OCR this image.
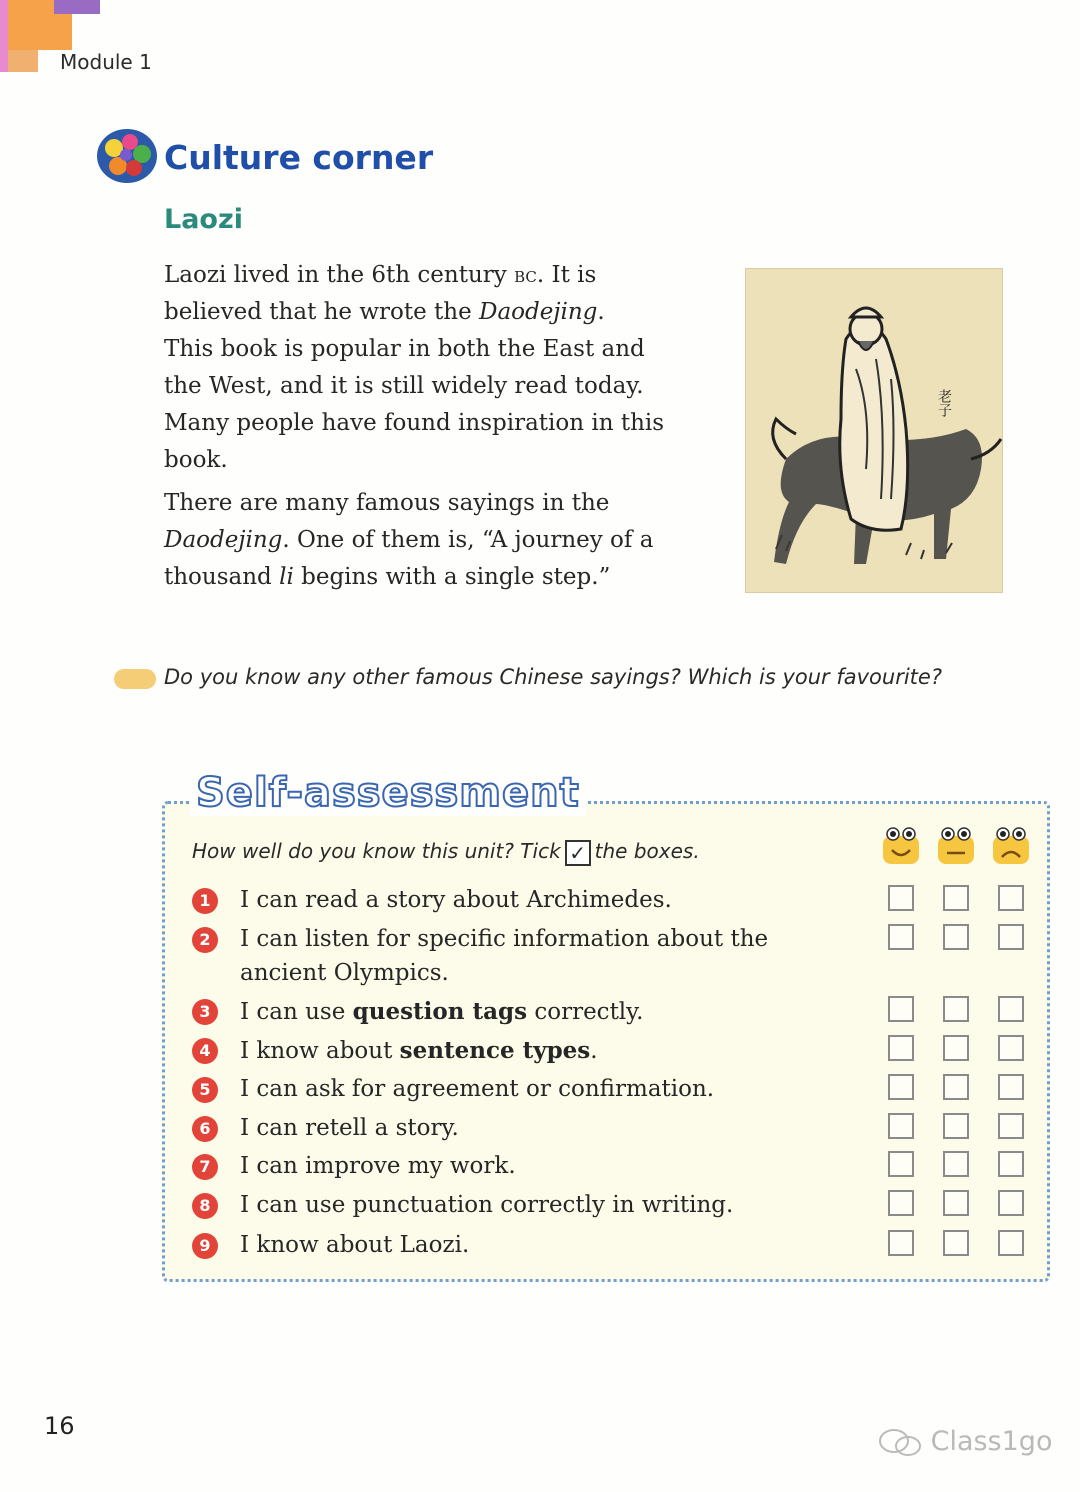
Module 1
Culture corner
Laozi
Laozi lived in the 6th century bc. It is
believed that he wrote the Daodejing.
This book is popular in both the East and
the West, and it is still widely read today.
Many people have found inspiration in this
book.
There are many famous sayings in the
Daodejing. One of them is, “A journey of a
thousand li begins with a single step.”
老子
Do you know any other famous Chinese sayings? Which is your favourite?
Self-assessment
How well do you know this unit? Tick ✓ the boxes.
1	I can read a story about Archimedes.
2	I can listen for specific information about the
ancient Olympics.
3	I can use question tags correctly.
4	I know about sentence types.
5	I can ask for agreement or confirmation.
6	I can retell a story.
7	I can improve my work.
8	I can use punctuation correctly in writing.
9	I know about Laozi.
16	Class1go
